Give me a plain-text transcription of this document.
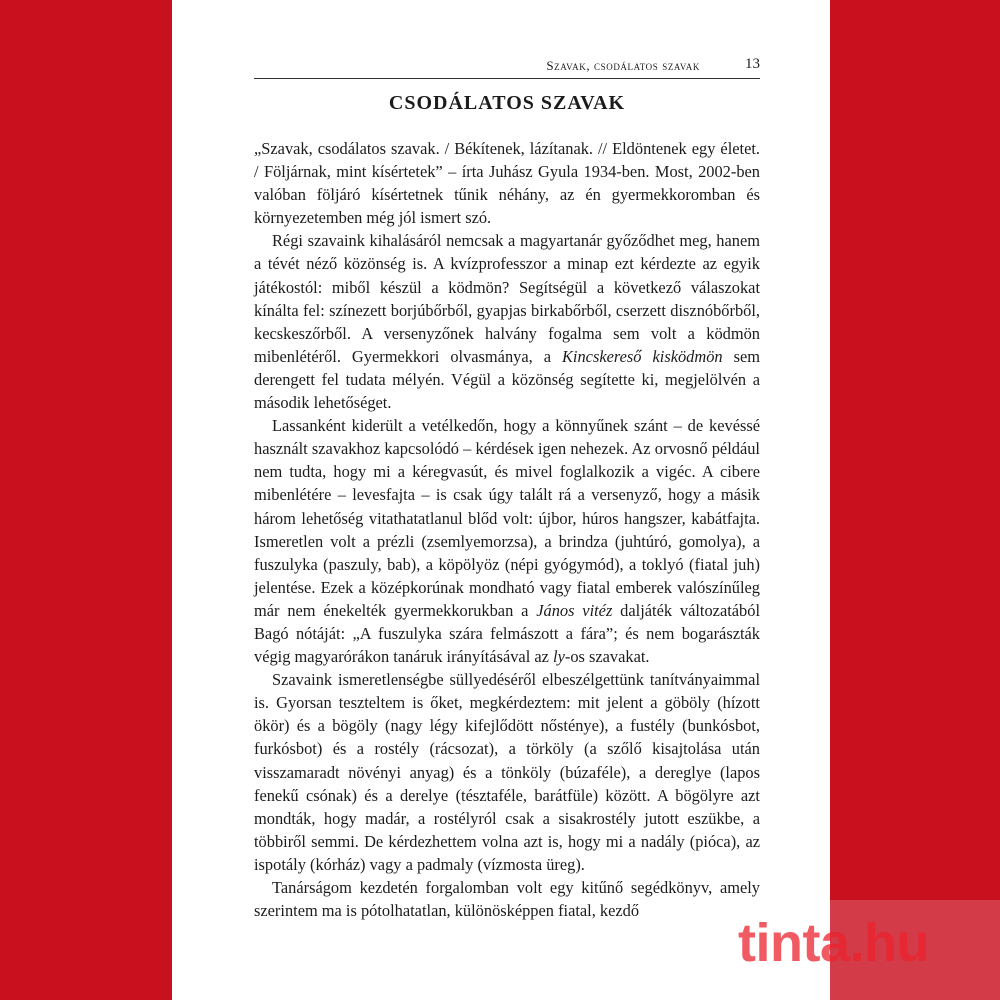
Szavak, csodálatos szavak	13
CSODÁLATOS SZAVAK

„Szavak, csodálatos szavak. / Békítenek, lázítanak. // Eldöntenek egy életet. / Följárnak, mint kísértetek” – írta Juhász Gyula 1934-ben. Most, 2002-ben valóban följáró kísértetnek tűnik néhány, az én gyermekkoromban és környezetemben még jól ismert szó.

Régi szavaink kihalásáról nemcsak a magyartanár győződhet meg, hanem a tévét néző közönség is. A kvízprofesszor a minap ezt kérdezte az egyik játékostól: miből készül a ködmön? Segítségül a következő válaszokat kínálta fel: színezett borjúbőrből, gyapjas birkabőrből, cserzett disznóbőrből, kecskeszőrből. A versenyzőnek halvány fogalma sem volt a ködmön mibenlétéről. Gyermekkori olvasmánya, a Kincskereső kisködmön sem derengett fel tudata mélyén. Végül a közönség segítette ki, megjelölvén a második lehetőséget.

Lassanként kiderült a vetélkedőn, hogy a könnyűnek szánt – de kevéssé használt szavakhoz kapcsolódó – kérdések igen nehezek. Az orvosnő például nem tudta, hogy mi a kéregvasút, és mivel foglalkozik a vigéc. A cibere mibenlétére – levesfajta – is csak úgy talált rá a versenyző, hogy a másik három lehetőség vitathatatlanul blőd volt: újbor, húros hangszer, kabátfajta. Ismeretlen volt a prézli (zsemlyemorzsa), a brindza (juhtúró, gomolya), a fuszulyka (paszuly, bab), a köpölyöz (népi gyógymód), a toklyó (fiatal juh) jelentése. Ezek a középkorúnak mondható vagy fiatal emberek valószínűleg már nem énekelték gyermekkorukban a János vitéz daljáték változatából Bagó nótáját: „A fuszulyka szára felmászott a fára”; és nem bogarászták végig magyarórákon tanáruk irányításával az ly-os szavakat.

Szavaink ismeretlenségbe süllyedéséről elbeszélgettünk tanítványaimmal is. Gyorsan teszteltem is őket, megkérdeztem: mit jelent a göböly (hízott ökör) és a bögöly (nagy légy kifejlődött nősténye), a fustély (bunkósbot, furkósbot) és a rostély (rácsozat), a törköly (a szőlő kisajtolása után visszamaradt növényi anyag) és a tönköly (búzaféle), a dereglye (lapos fenekű csónak) és a derelye (tésztaféle, barátfüle) között. A bögölyre azt mondták, hogy madár, a rostélyról csak a sisakrostély jutott eszükbe, a többiről semmi. De kérdezhettem volna azt is, hogy mi a nadály (pióca), az ispotály (kórház) vagy a padmaly (vízmosta üreg).

Tanárságom kezdetén forgalomban volt egy kitűnő segédkönyv, amely szerintem ma is pótolhatatlan, különösképpen fiatal, kezdő

tinta.hu
